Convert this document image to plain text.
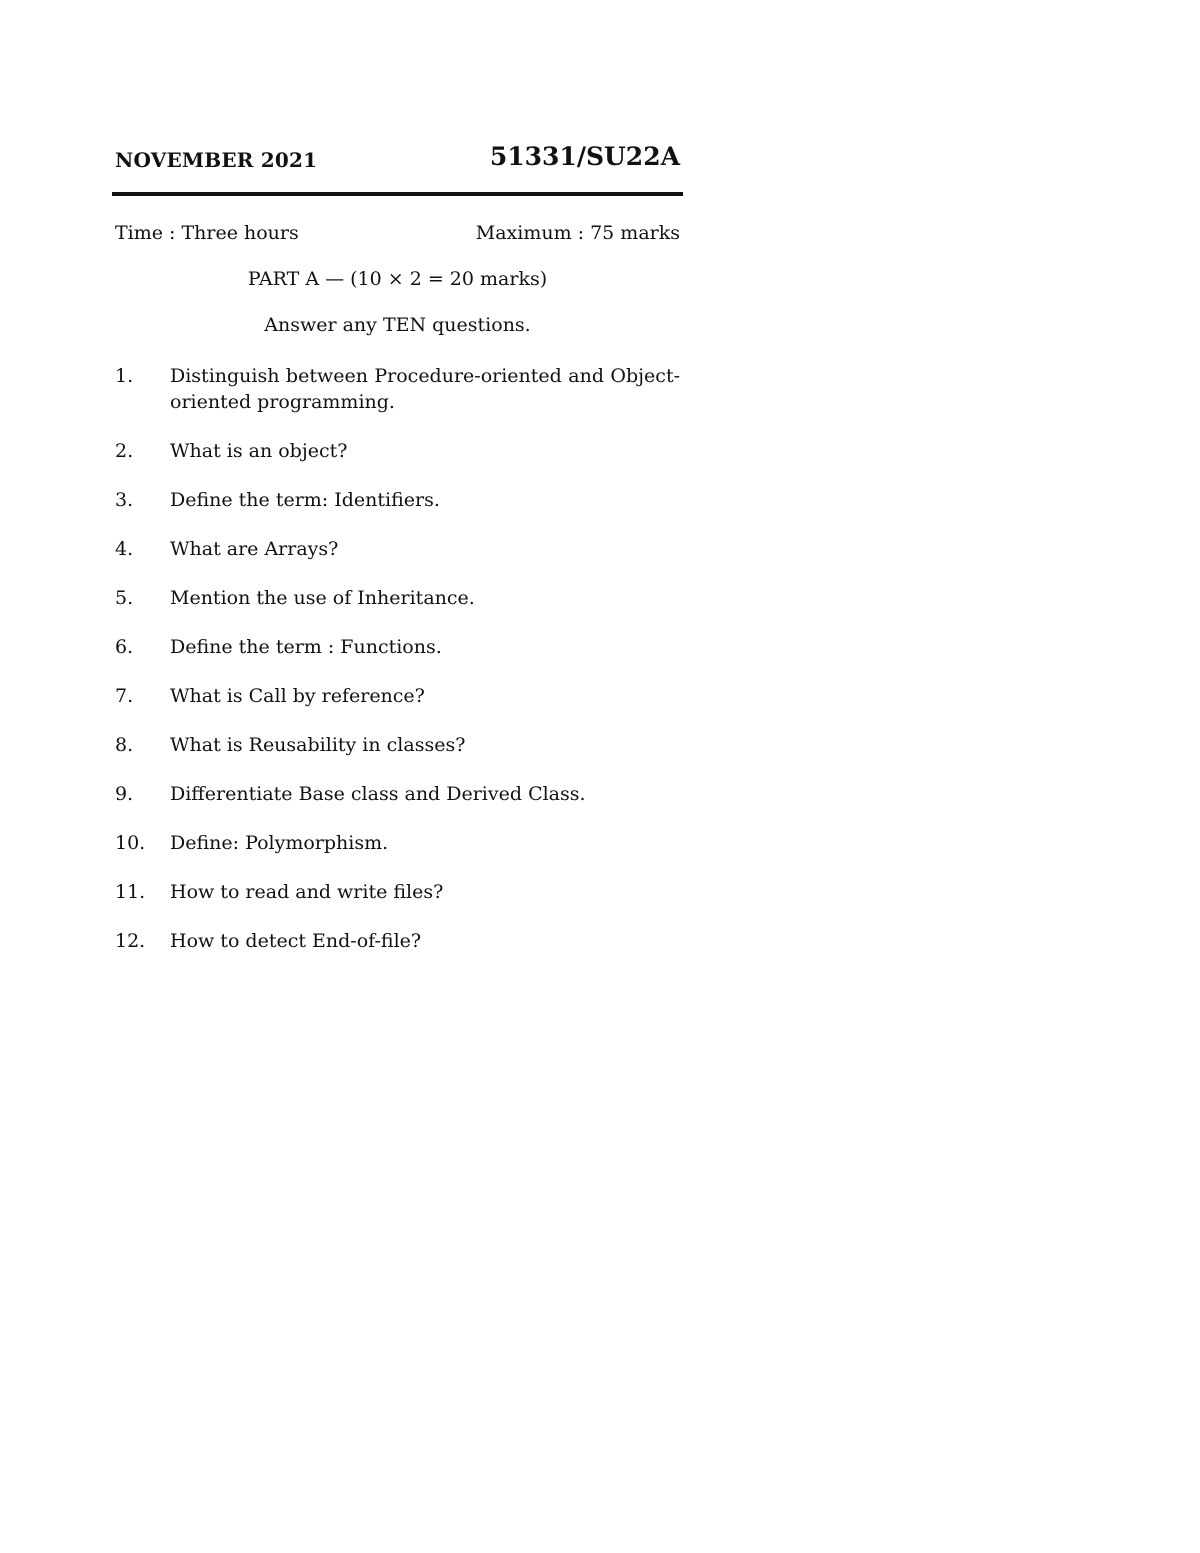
NOVEMBER 2021	51331/SU22A
Time : Three hours	Maximum : 75 marks
PART A — (10 × 2 = 20 marks)
Answer any TEN questions.
1.	Distinguish between Procedure-oriented and Object-oriented programming.
2.	What is an object?
3.	Define the term: Identifiers.
4.	What are Arrays?
5.	Mention the use of Inheritance.
6.	Define the term : Functions.
7.	What is Call by reference?
8.	What is Reusability in classes?
9.	Differentiate Base class and Derived Class.
10.	Define: Polymorphism.
11.	How to read and write files?
12.	How to detect End-of-file?
